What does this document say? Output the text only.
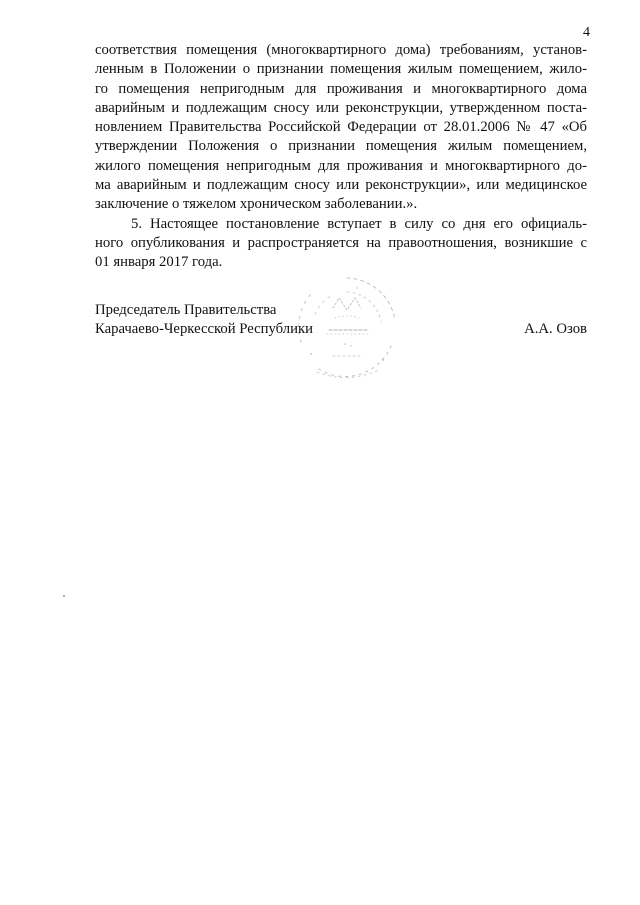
4

соответствия помещения (многоквартирного дома) требованиям, установ-
ленным в Положении о признании помещения жилым помещением, жило-
го помещения непригодным для проживания и многоквартирного дома
аварийным и подлежащим сносу или реконструкции, утвержденном поста-
новлением Правительства Российской Федерации от 28.01.2006 № 47 «Об
утверждении Положения о признании помещения жилым помещением,
жилого помещения непригодным для проживания и многоквартирного до-
ма аварийным и подлежащим сносу или реконструкции», или медицинское
заключение о тяжелом хроническом заболевании.».

5. Настоящее постановление вступает в силу со дня его официаль-
ного опубликования и распространяется на правоотношения, возникшие с
01 января 2017 года.

Председатель Правительства
Карачаево-Черкесской Республики	А.А. Озов
